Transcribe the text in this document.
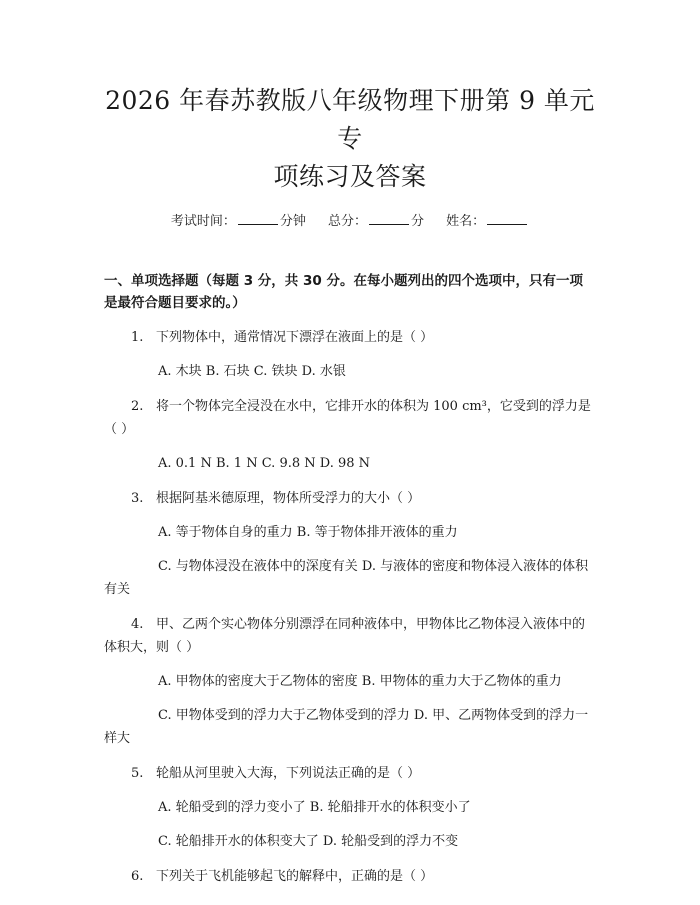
2026 年春苏教版八年级物理下册第 9 单元专
项练习及答案
考试时间：	分钟 总分：	分 姓名：
一、单项选择题（每题 3 分，共 30 分。在每小题列出的四个选项中，只有一项是最符合题目要求的。）
1. 下列物体中，通常情况下漂浮在液面上的是（ ）
A. 木块 B. 石块 C. 铁块 D. 水银
2. 将一个物体完全浸没在水中，它排开水的体积为 100 cm³，它受到的浮力是（ ）
A. 0.1 N B. 1 N C. 9.8 N D. 98 N
3. 根据阿基米德原理，物体所受浮力的大小（ ）
A. 等于物体自身的重力 B. 等于物体排开液体的重力
C. 与物体浸没在液体中的深度有关 D. 与液体的密度和物体浸入液体的体积有关
4. 甲、乙两个实心物体分别漂浮在同种液体中，甲物体比乙物体浸入液体中的体积大，则（ ）
A. 甲物体的密度大于乙物体的密度 B. 甲物体的重力大于乙物体的重力
C. 甲物体受到的浮力大于乙物体受到的浮力 D. 甲、乙两物体受到的浮力一样大
5. 轮船从河里驶入大海，下列说法正确的是（ ）
A. 轮船受到的浮力变小了 B. 轮船排开水的体积变小了
C. 轮船排开水的体积变大了 D. 轮船受到的浮力不变
6. 下列关于飞机能够起飞的解释中，正确的是（ ）
